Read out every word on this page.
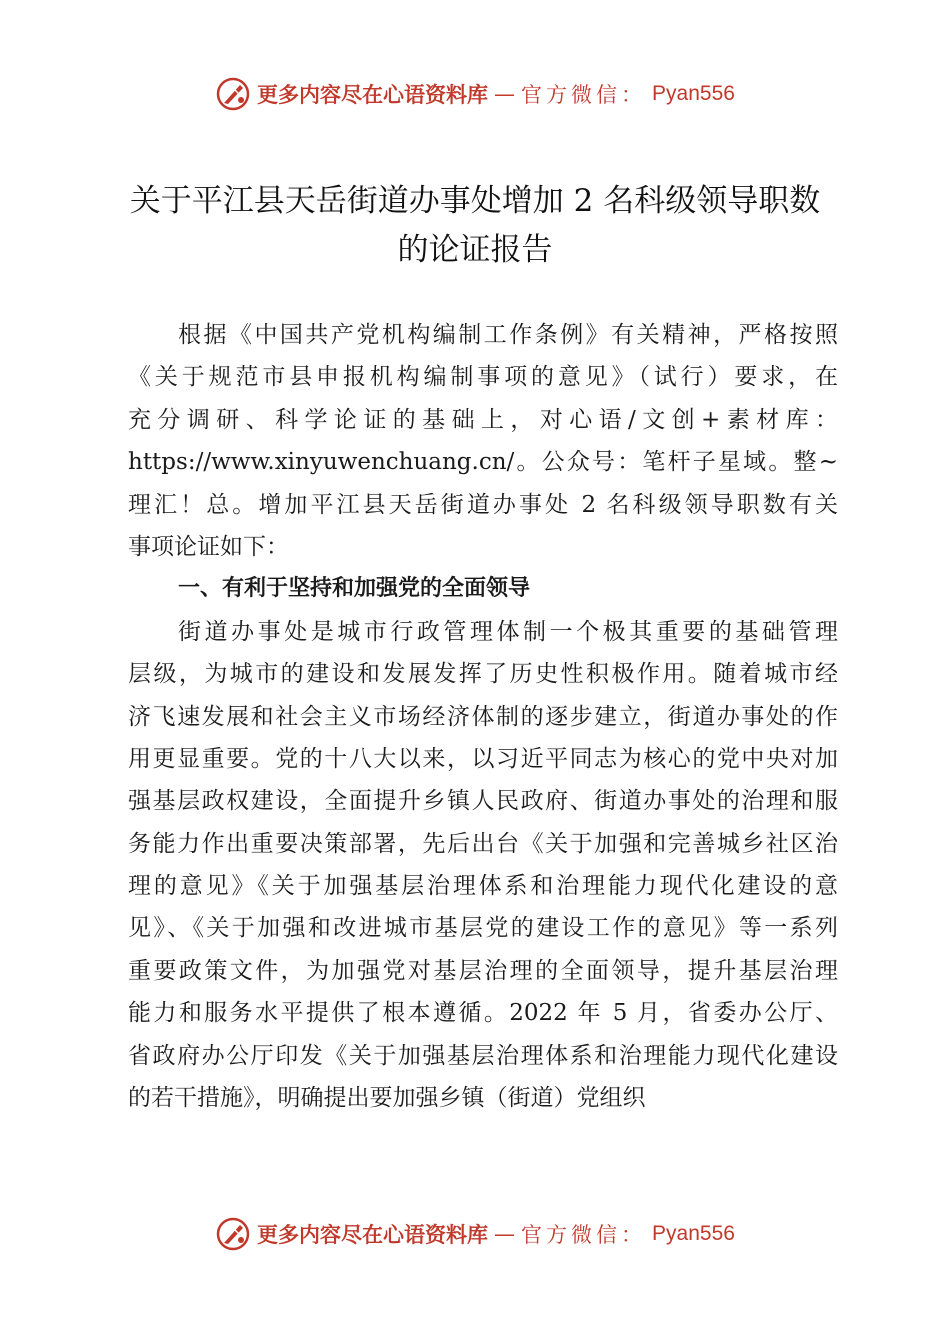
更多内容尽在心语资料库 — 官方微信： Pyan556
关于平江县天岳街道办事处增加 2 名科级领导职数
的论证报告
根据《中国共产党机构编制工作条例》有关精神，严格按照
《关于规范市县申报机构编制事项的意见》（试行）要求，在
充分调研、科学论证的基础上，对心语/文创+素材库：
https://www.xinyuwenchuang.cn/。公众号：笔杆子星域。整~
理汇！总。增加平江县天岳街道办事处 2 名科级领导职数有关
事项论证如下：
一、有利于坚持和加强党的全面领导
街道办事处是城市行政管理体制一个极其重要的基础管理
层级，为城市的建设和发展发挥了历史性积极作用。随着城市经
济飞速发展和社会主义市场经济体制的逐步建立，街道办事处的作
用更显重要。党的十八大以来，以习近平同志为核心的党中央对加
强基层政权建设，全面提升乡镇人民政府、街道办事处的治理和服
务能力作出重要决策部署，先后出台《关于加强和完善城乡社区治
理的意见》《关于加强基层治理体系和治理能力现代化建设的意
见》、《关于加强和改进城市基层党的建设工作的意见》等一系列
重要政策文件，为加强党对基层治理的全面领导，提升基层治理
能力和服务水平提供了根本遵循。2022 年 5 月，省委办公厅、
省政府办公厅印发《关于加强基层治理体系和治理能力现代化建设
的若干措施》，明确提出要加强乡镇（街道）党组织
更多内容尽在心语资料库 — 官方微信： Pyan556
